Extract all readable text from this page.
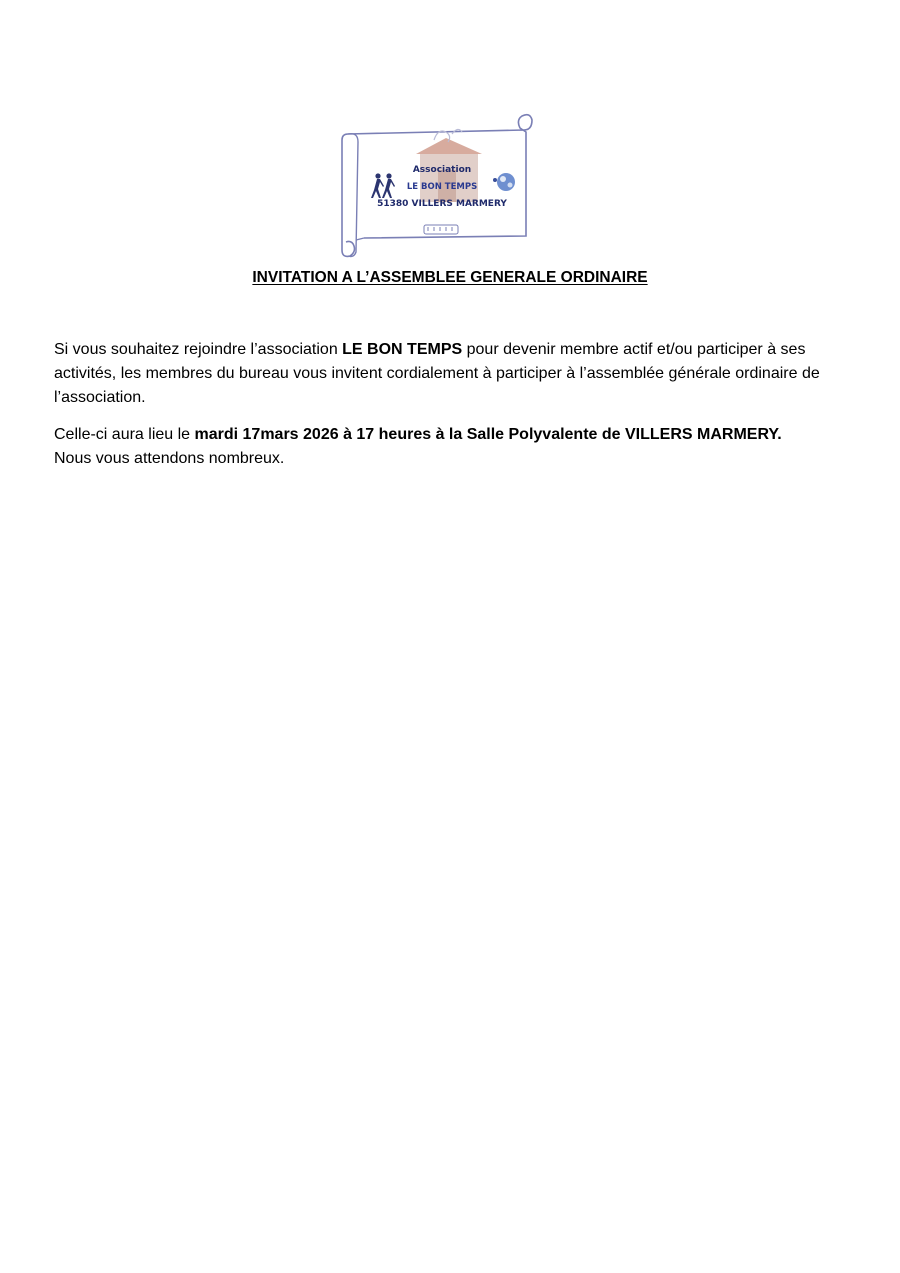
Association
LE BON TEMPS
51380 VILLERS MARMERY
INVITATION A L’ASSEMBLEE GENERALE ORDINAIRE

Si vous souhaitez rejoindre l’association LE BON TEMPS pour devenir membre actif et/ou participer à ses activités, les membres du bureau vous invitent cordialement à participer à l’assemblée générale ordinaire de l’association.

Celle-ci aura lieu le mardi 17mars 2026 à 17 heures à la Salle Polyvalente de VILLERS MARMERY.

Nous vous attendons nombreux.
